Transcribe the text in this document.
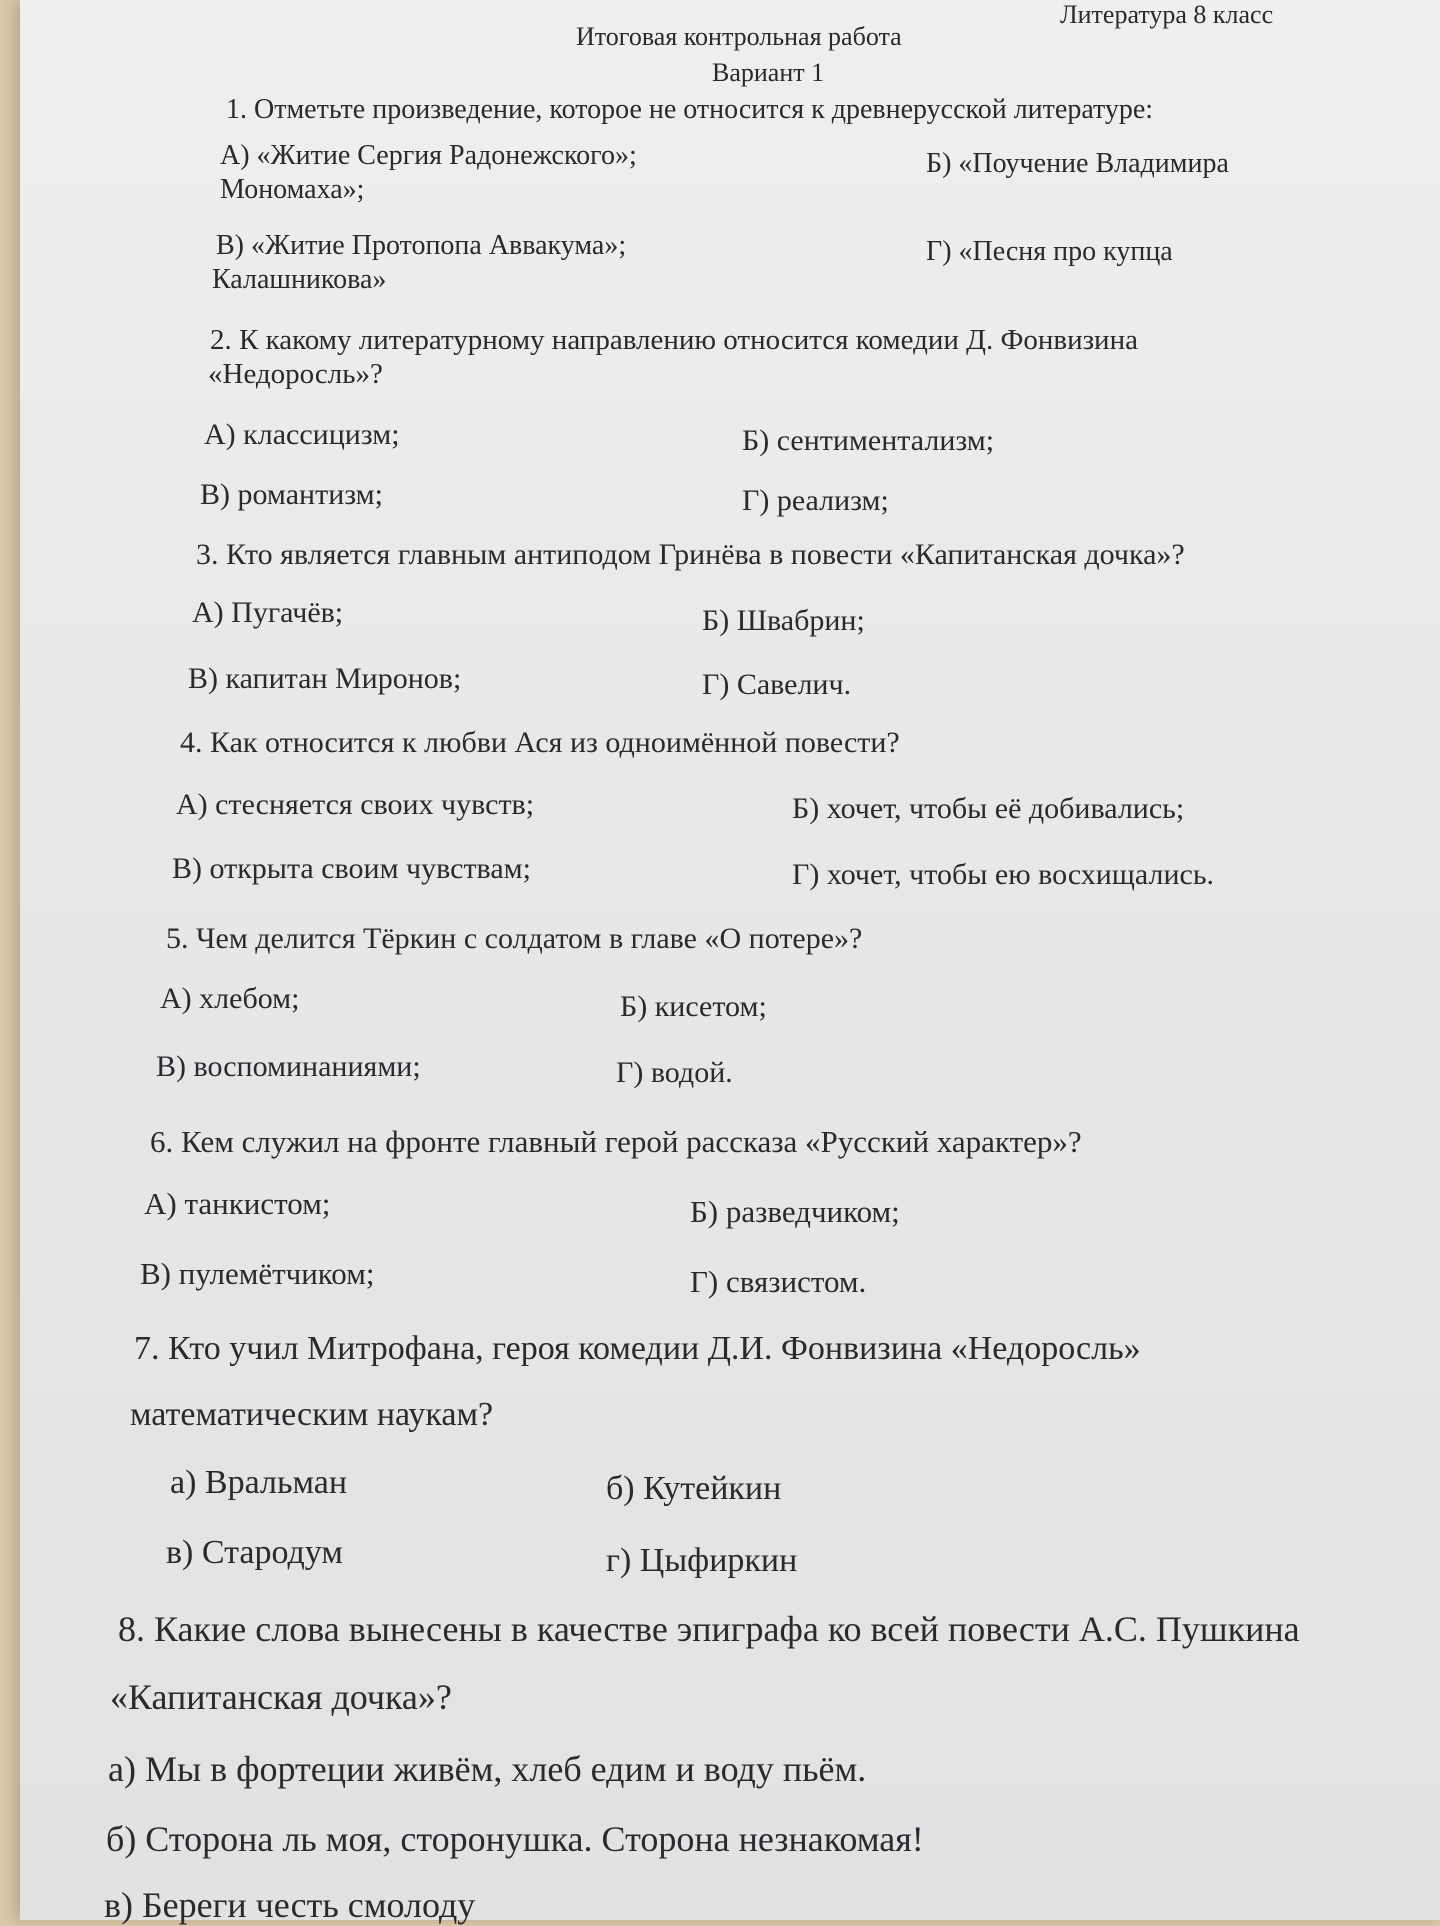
Литература 8 класс
Итоговая контрольная работа
Вариант 1
1. Отметьте произведение, которое не относится к древнерусской литературе:
А) «Житие Сергия Радонежского»;	Б) «Поучение Владимира
Мономаха»;
В) «Житие Протопопа Аввакума»;	Г) «Песня про купца
Калашникова»
2. К какому литературному направлению относится комедии Д. Фонвизина
«Недоросль»?
А) классицизм;	Б) сентиментализм;
В) романтизм;	Г) реализм;
3. Кто является главным антиподом Гринёва в повести «Капитанская дочка»?
А) Пугачёв;	Б) Швабрин;
В) капитан Миронов;	Г) Савелич.
4. Как относится к любви Ася из одноимённой повести?
А) стесняется своих чувств;	Б) хочет, чтобы её добивались;
В) открыта своим чувствам;	Г) хочет, чтобы ею восхищались.
5. Чем делится Тёркин с солдатом в главе «О потере»?
А) хлебом;	Б) кисетом;
В) воспоминаниями;	Г) водой.
6. Кем служил на фронте главный герой рассказа «Русский характер»?
А) танкистом;	Б) разведчиком;
В) пулемётчиком;	Г) связистом.
7. Кто учил Митрофана, героя комедии Д.И. Фонвизина «Недоросль»
математическим наукам?
а) Вральман	б) Кутейкин
в) Стародум	г) Цыфиркин
8. Какие слова вынесены в качестве эпиграфа ко всей повести А.С. Пушкина
«Капитанская дочка»?
а) Мы в фортеции живём, хлеб едим и воду пьём.
б) Сторона ль моя, сторонушка. Сторона незнакомая!
в) Береги честь смолоду
